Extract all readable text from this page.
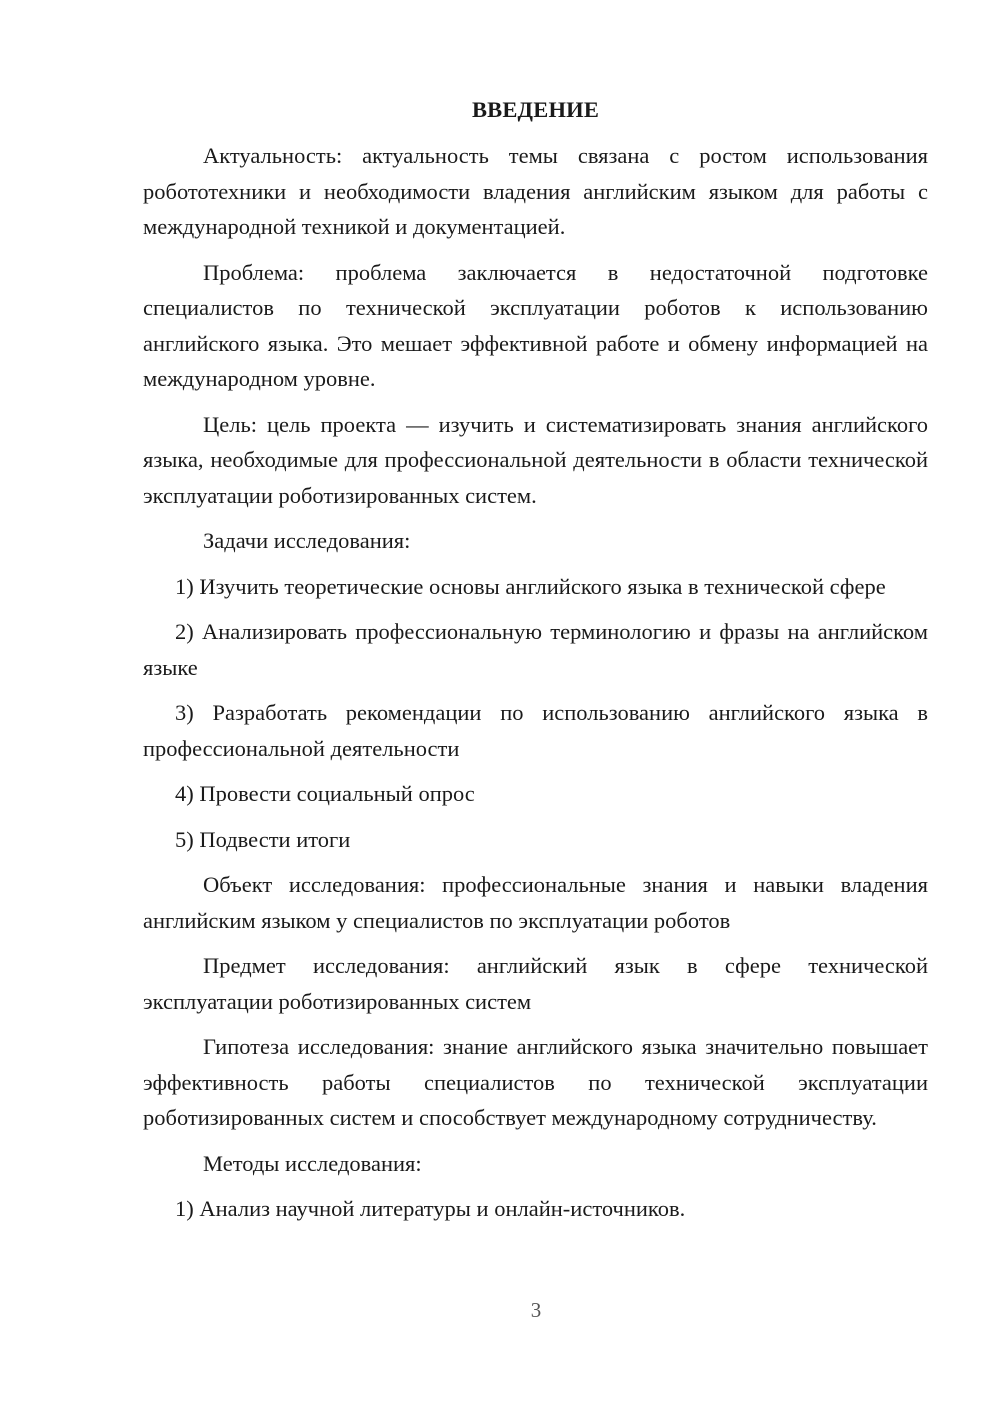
ВВЕДЕНИЕ

Актуальность: актуальность темы связана с ростом использования робототехники и необходимости владения английским языком для работы с международной техникой и документацией.

Проблема: проблема заключается в недостаточной подготовке специалистов по технической эксплуатации роботов к использованию английского языка. Это мешает эффективной работе и обмену информацией на международном уровне.

Цель: цель проекта — изучить и систематизировать знания английского языка, необходимые для профессиональной деятельности в области технической эксплуатации роботизированных систем.

Задачи исследования:

1) Изучить теоретические основы английского языка в технической сфере

2) Анализировать профессиональную терминологию и фразы на английском языке

3) Разработать рекомендации по использованию английского языка в профессиональной деятельности

4) Провести социальный опрос

5) Подвести итоги

Объект исследования: профессиональные знания и навыки владения английским языком у специалистов по эксплуатации роботов

Предмет исследования: английский язык в сфере технической эксплуатации роботизированных систем

Гипотеза исследования: знание английского языка значительно повышает эффективность работы специалистов по технической эксплуатации роботизированных систем и способствует международному сотрудничеству.

Методы исследования:

1) Анализ научной литературы и онлайн-источников.

3
